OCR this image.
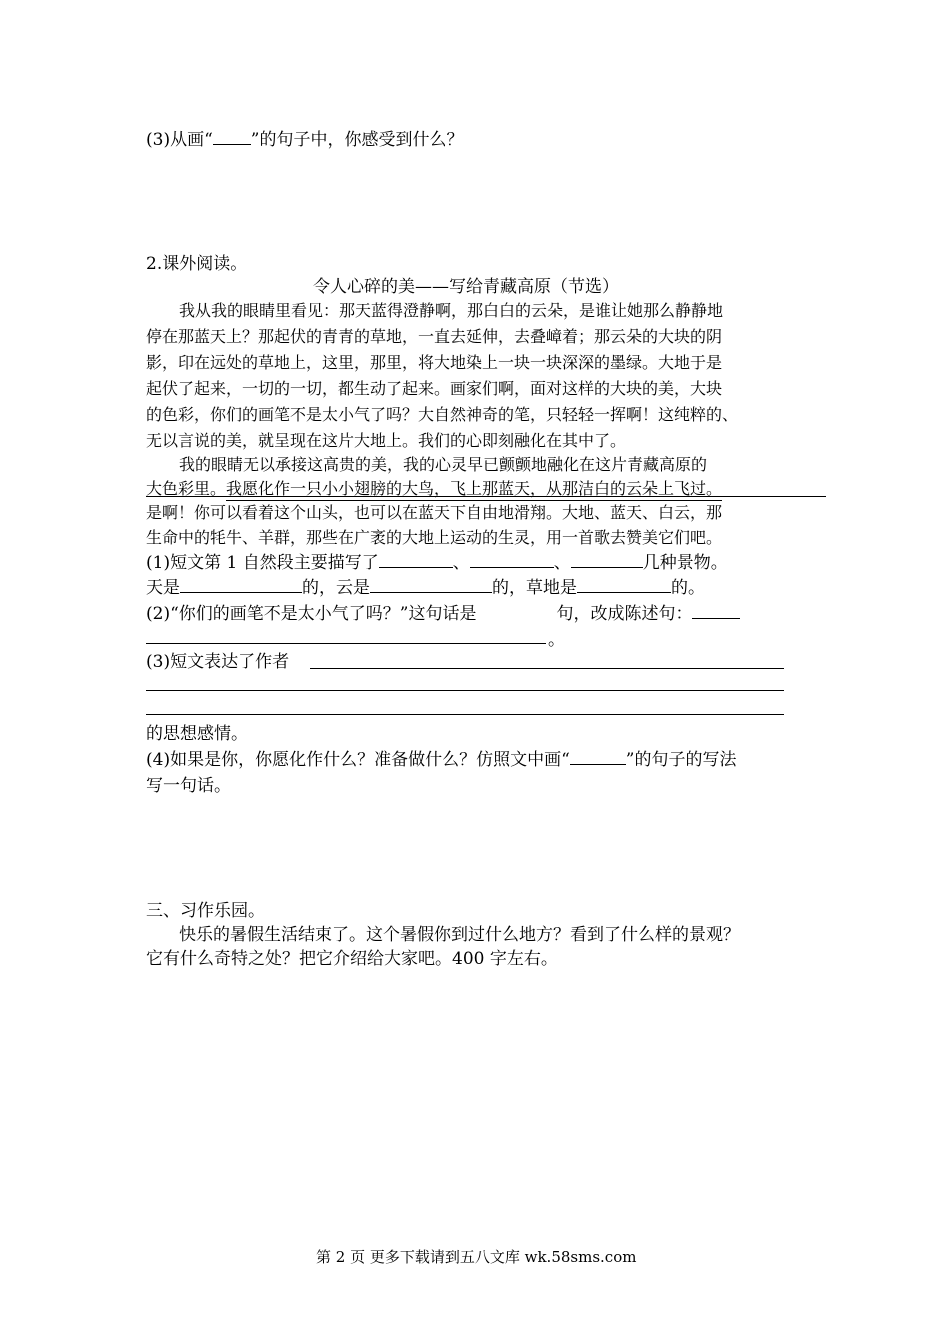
(3)从画“ ”的句子中，你感受到什么？
2.课外阅读。
令人心碎的美——写给青藏高原（节选）
我从我的眼睛里看见：那天蓝得澄静啊，那白白的云朵，是谁让她那么静静地
停在那蓝天上？那起伏的青青的草地，一直去延伸，去叠嶂着；那云朵的大块的阴
影，印在远处的草地上，这里，那里，将大地染上一块一块深深的墨绿。大地于是
起伏了起来，一切的一切，都生动了起来。画家们啊，面对这样的大块的美，大块
的色彩，你们的画笔不是太小气了吗？大自然神奇的笔，只轻轻一挥啊！这纯粹的、
无以言说的美，就呈现在这片大地上。我们的心即刻融化在其中了。
我的眼睛无以承接这高贵的美，我的心灵早已颤颤地融化在这片青藏高原的
大色彩里。我愿化作一只小小翅膀的大鸟，飞上那蓝天，从那洁白的云朵上飞过。
是啊！你可以看着这个山头，也可以在蓝天下自由地滑翔。大地、蓝天、白云，那
生命中的牦牛、羊群，那些在广袤的大地上运动的生灵，用一首歌去赞美它们吧。
(1)短文第 1 自然段主要描写了	、	、	几种景物。
天是	的，云是	的，草地是	的。
(2)“你们的画笔不是太小气了吗？”这句话是	句，改成陈述句：
。
(3)短文表达了作者
的思想感情。
(4)如果是你，你愿化作什么？准备做什么？仿照文中画“	”的句子的写法
写一句话。
三、习作乐园。
快乐的暑假生活结束了。这个暑假你到过什么地方？看到了什么样的景观？
它有什么奇特之处？把它介绍给大家吧。400 字左右。
第 2 页 更多下载请到五八文库 wk.58sms.com
